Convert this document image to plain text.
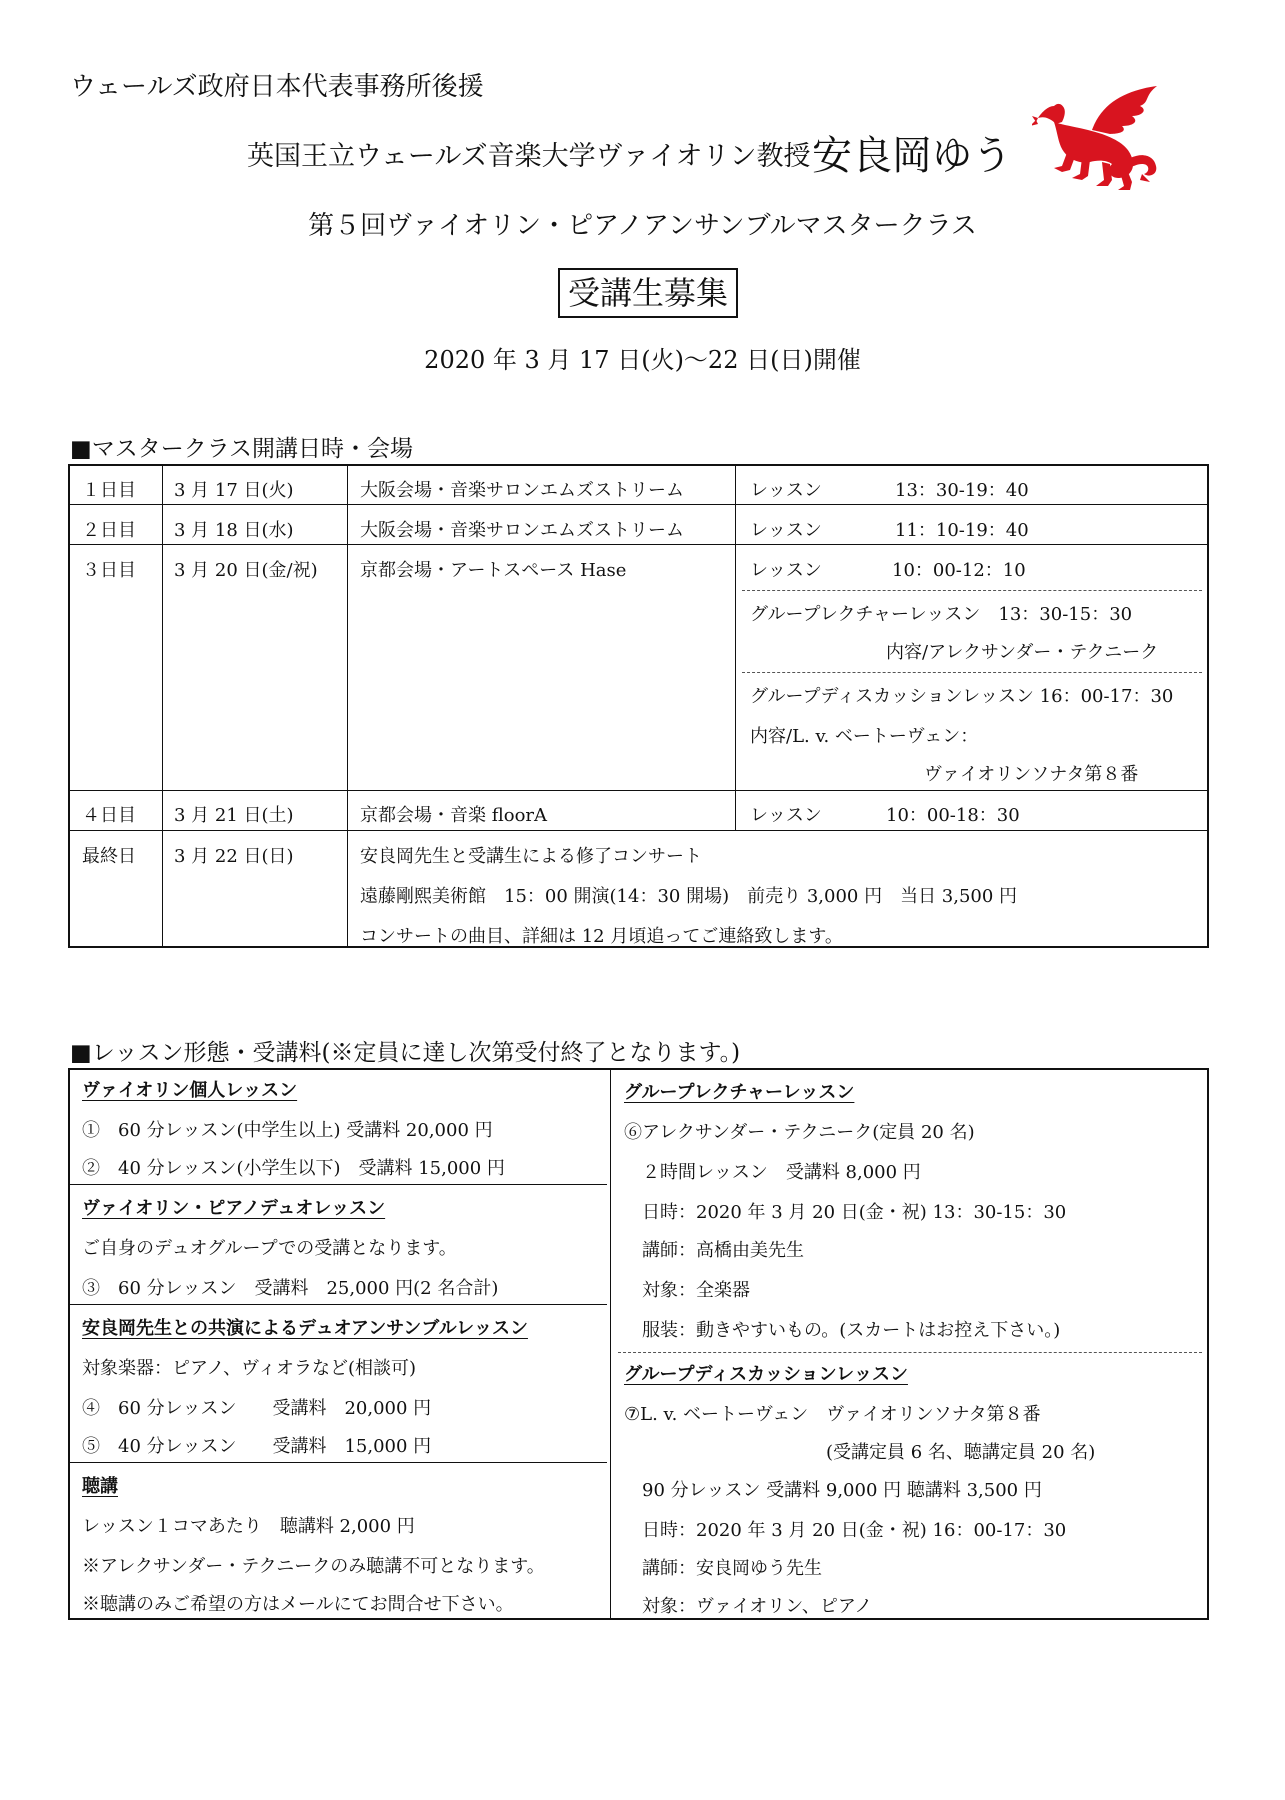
ウェールズ政府日本代表事務所後援
英国王立ウェールズ音楽大学ヴァイオリン教授 安良岡ゆう
第５回ヴァイオリン・ピアノアンサンブルマスタークラス
受講生募集
2020 年 3 月 17 日(火)〜22 日(日)開催
■マスタークラス開講日時・会場
１日目 3 月 17 日(火)	大阪会場・音楽サロンエムズストリーム	レッスン	13：30-19：40
２日目 3 月 18 日(水)	大阪会場・音楽サロンエムズストリーム	レッスン	11：10-19：40
３日目 3 月 20 日(金/祝) 京都会場・アートスペース Hase	レッスン	10：00-12：10
グループレクチャーレッスン　13：30-15：30
内容/アレクサンダー・テクニーク
グループディスカッションレッスン 16：00-17：30
内容/L. v. ベートーヴェン：
ヴァイオリンソナタ第８番
４日目 3 月 21 日(土)	京都会場・音楽 floorA	レッスン	10：00-18：30
最終日 3 月 22 日(日)	安良岡先生と受講生による修了コンサート
遠藤剛熙美術館　15：00 開演(14：30 開場)　前売り 3,000 円　当日 3,500 円
コンサートの曲目、詳細は 12 月頃追ってご連絡致します。
■レッスン形態・受講料(※定員に達し次第受付終了となります。)
ヴァイオリン個人レッスン
①　60 分レッスン(中学生以上) 受講料 20,000 円
②　40 分レッスン(小学生以下)　受講料 15,000 円
ヴァイオリン・ピアノデュオレッスン
ご自身のデュオグループでの受講となります。
③　60 分レッスン　受講料　25,000 円(2 名合計)
安良岡先生との共演によるデュオアンサンブルレッスン
対象楽器：ピアノ、ヴィオラなど(相談可)
④　60 分レッスン　　受講料　20,000 円
⑤　40 分レッスン　　受講料　15,000 円
聴講
レッスン１コマあたり　聴講料 2,000 円
※アレクサンダー・テクニークのみ聴講不可となります。
※聴講のみご希望の方はメールにてお問合せ下さい。
グループレクチャーレッスン
⑥アレクサンダー・テクニーク(定員 20 名)
２時間レッスン　受講料 8,000 円
日時：2020 年 3 月 20 日(金・祝) 13：30-15：30
講師：高橋由美先生
対象：全楽器
服装：動きやすいもの。(スカートはお控え下さい。)
グループディスカッションレッスン
⑦L. v. ベートーヴェン　ヴァイオリンソナタ第８番
(受講定員 6 名、聴講定員 20 名)
90 分レッスン 受講料 9,000 円 聴講料 3,500 円
日時：2020 年 3 月 20 日(金・祝) 16：00-17：30
講師：安良岡ゆう先生
対象：ヴァイオリン、ピアノ
